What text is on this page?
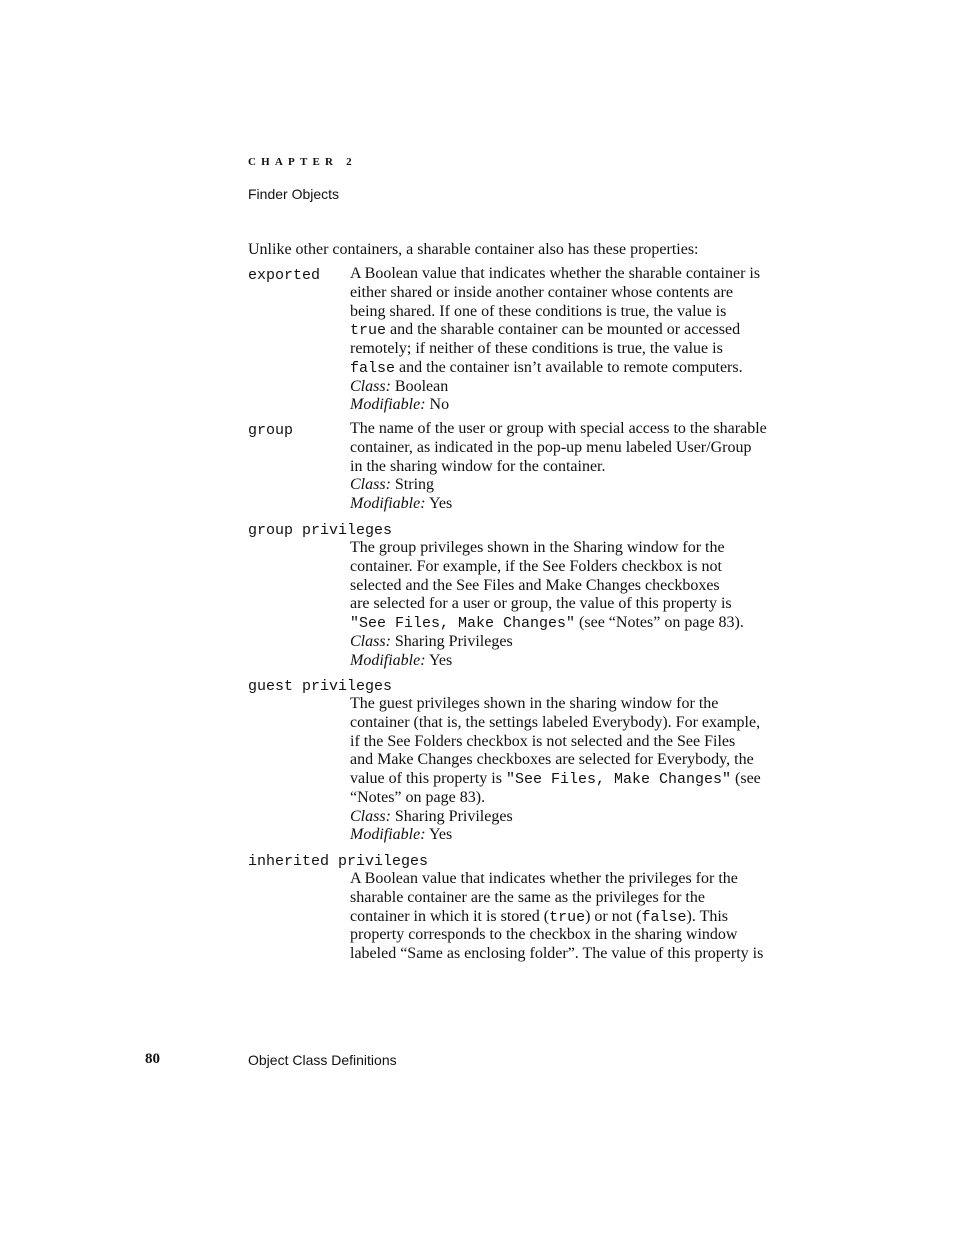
CHAPTER 2
Finder Objects
Unlike other containers, a sharable container also has these properties:
exported A Boolean value that indicates whether the sharable container is
either shared or inside another container whose contents are
being shared. If one of these conditions is true, the value is
true and the sharable container can be mounted or accessed
remotely; if neither of these conditions is true, the value is
false and the container isn’t available to remote computers.
Class: Boolean
Modifiable: No
group	The name of the user or group with special access to the sharable
container, as indicated in the pop-up menu labeled User/Group
in the sharing window for the container.
Class: String
Modifiable: Yes
group privileges
The group privileges shown in the Sharing window for the
container. For example, if the See Folders checkbox is not
selected and the See Files and Make Changes checkboxes
are selected for a user or group, the value of this property is
"See Files, Make Changes" (see “Notes” on page 83).
Class: Sharing Privileges
Modifiable: Yes
guest privileges
The guest privileges shown in the sharing window for the
container (that is, the settings labeled Everybody). For example,
if the See Folders checkbox is not selected and the See Files
and Make Changes checkboxes are selected for Everybody, the
value of this property is "See Files, Make Changes" (see
“Notes” on page 83).
Class: Sharing Privileges
Modifiable: Yes
inherited privileges
A Boolean value that indicates whether the privileges for the
sharable container are the same as the privileges for the
container in which it is stored (true) or not (false). This
property corresponds to the checkbox in the sharing window
labeled “Same as enclosing folder”. The value of this property is
80	Object Class Definitions
